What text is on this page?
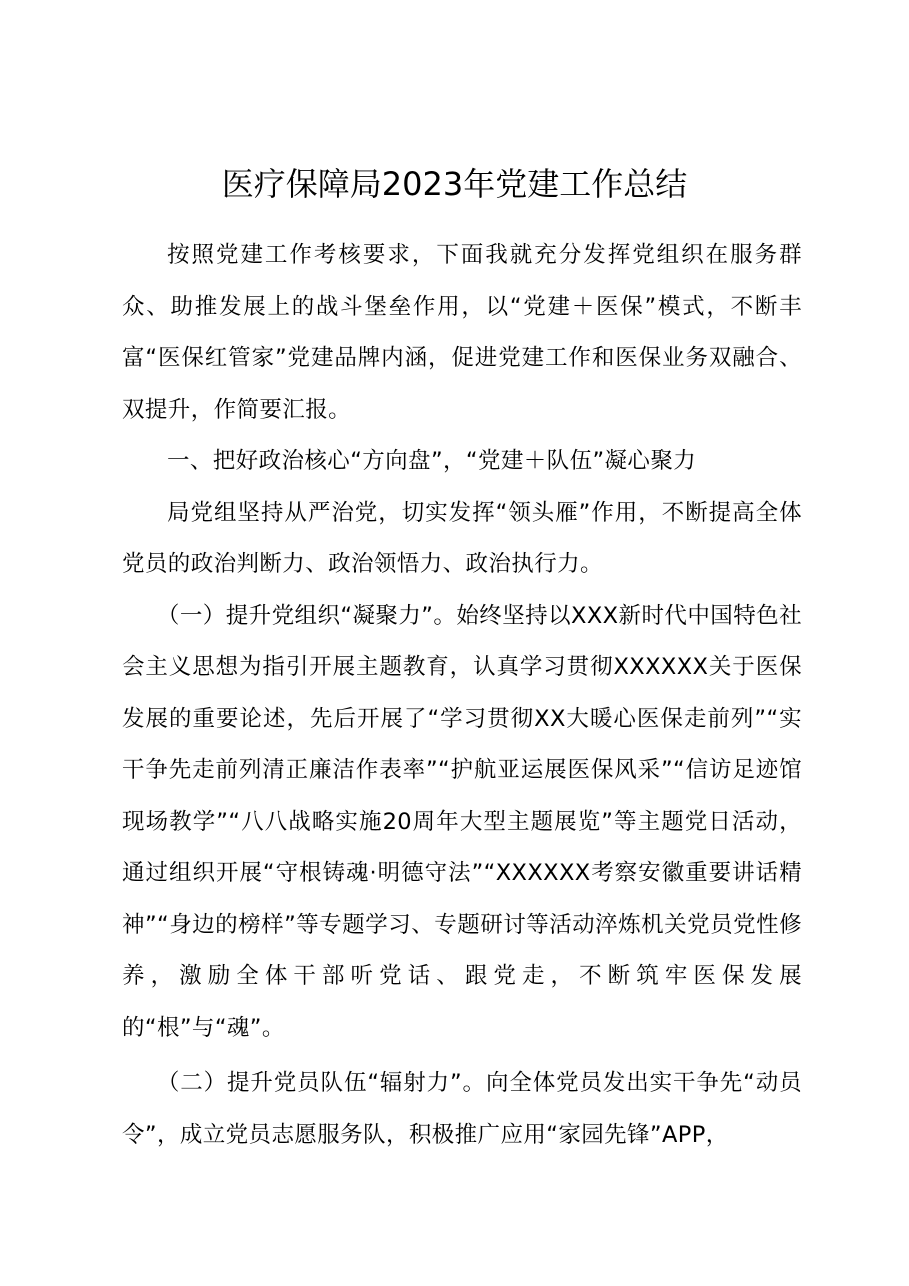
医疗保障局2023年党建工作总结

按照党建工作考核要求，下面我就充分发挥党组织在服务群众、助推发展上的战斗堡垒作用，以“党建＋医保”模式，不断丰富“医保红管家”党建品牌内涵，促进党建工作和医保业务双融合、双提升，作简要汇报。

一、把好政治核心“方向盘”，“党建＋队伍”凝心聚力

局党组坚持从严治党，切实发挥“领头雁”作用，不断提高全体党员的政治判断力、政治领悟力、政治执行力。

（一）提升党组织“凝聚力”。始终坚持以XXX新时代中国特色社会主义思想为指引开展主题教育，认真学习贯彻XXXXXX关于医保发展的重要论述，先后开展了“学习贯彻XX大暖心医保走前列”“实干争先走前列清正廉洁作表率”“护航亚运展医保风采”“信访足迹馆现场教学”“八八战略实施20周年大型主题展览”等主题党日活动，通过组织开展“守根铸魂·明德守法”“XXXXXX考察安徽重要讲话精神”“身边的榜样”等专题学习、专题研讨等活动淬炼机关党员党性修养，激励全体干部听党话、跟党走，不断筑牢医保发展的“根”与“魂”。

（二）提升党员队伍“辐射力”。向全体党员发出实干争先“动员令”，成立党员志愿服务队，积极推广应用“家园先锋”APP，
